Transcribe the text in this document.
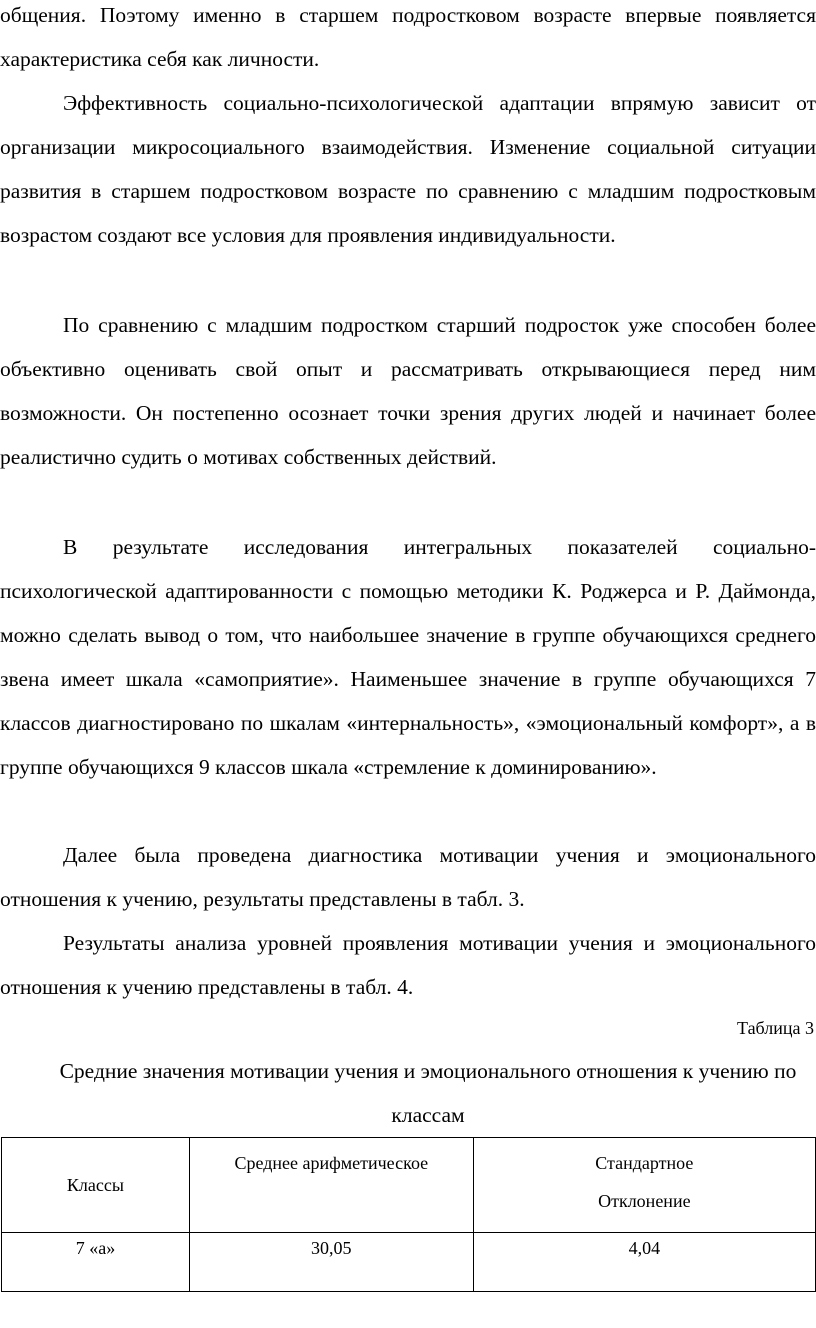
общения. Поэтому именно в старшем подростковом возрасте впервые появляется характеристика себя как личности.

Эффективность социально-психологической адаптации впрямую зависит от организации микросоциального взаимодействия. Изменение социальной ситуации развития в старшем подростковом возрасте по сравнению с младшим подростковым возрастом создают все условия для проявления индивидуальности.

По сравнению с младшим подростком старший подросток уже способен более объективно оценивать свой опыт и рассматривать открывающиеся перед ним возможности. Он постепенно осознает точки зрения других людей и начинает более реалистично судить о мотивах собственных действий.

В результате исследования интегральных показателей социально-психологической адаптированности с помощью методики К. Роджерса и Р. Даймонда, можно сделать вывод о том, что наибольшее значение в группе обучающихся среднего звена имеет шкала «самоприятие». Наименьшее значение в группе обучающихся 7 классов диагностировано по шкалам «интернальность», «эмоциональный комфорт», а в группе обучающихся 9 классов шкала «стремление к доминированию».

Далее была проведена диагностика мотивации учения и эмоционального отношения к учению, результаты представлены в табл. 3.

Результаты анализа уровней проявления мотивации учения и эмоционального отношения к учению представлены в табл. 4.

Таблица 3
Средние значения мотивации учения и эмоционального отношения к учению по классам
Классы	Среднее арифметическое	Стандартное Отклонение

7 «а»	30,05	4,04
